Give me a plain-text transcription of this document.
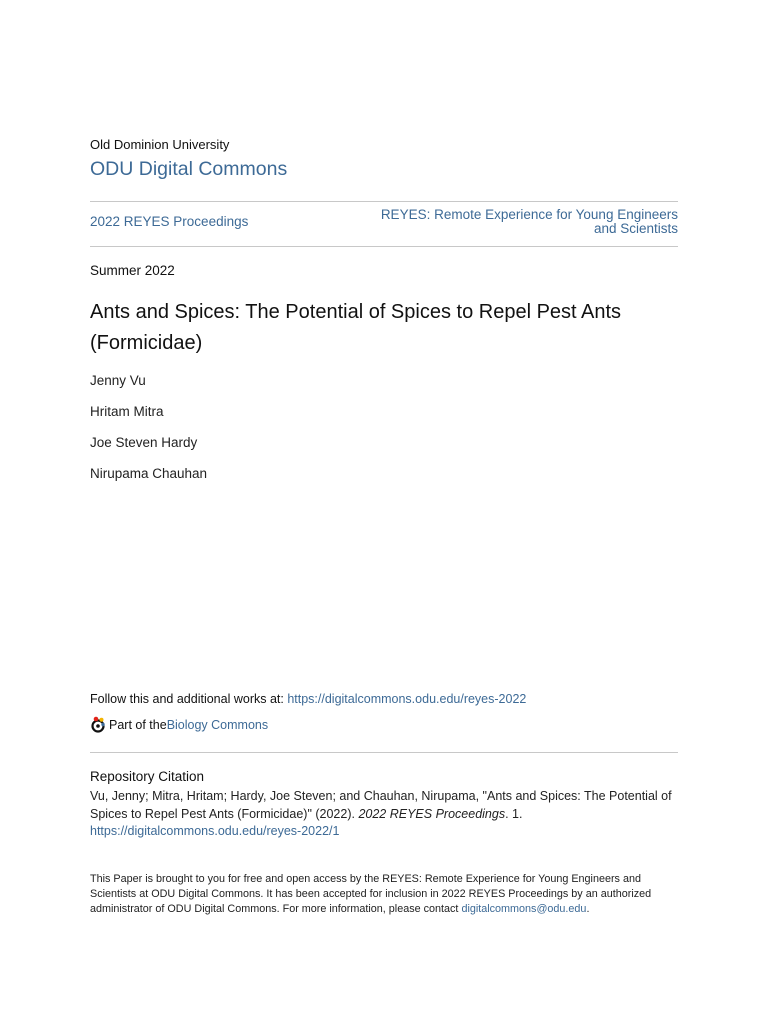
Old Dominion University
ODU Digital Commons
2022 REYES Proceedings	REYES: Remote Experience for Young Engineers and Scientists
Summer 2022
Ants and Spices: The Potential of Spices to Repel Pest Ants (Formicidae)
Jenny Vu
Hritam Mitra
Joe Steven Hardy
Nirupama Chauhan
Follow this and additional works at: https://digitalcommons.odu.edu/reyes-2022
Part of the Biology Commons
Repository Citation
Vu, Jenny; Mitra, Hritam; Hardy, Joe Steven; and Chauhan, Nirupama, "Ants and Spices: The Potential of Spices to Repel Pest Ants (Formicidae)" (2022). 2022 REYES Proceedings. 1.
https://digitalcommons.odu.edu/reyes-2022/1
This Paper is brought to you for free and open access by the REYES: Remote Experience for Young Engineers and Scientists at ODU Digital Commons. It has been accepted for inclusion in 2022 REYES Proceedings by an authorized administrator of ODU Digital Commons. For more information, please contact digitalcommons@odu.edu.
